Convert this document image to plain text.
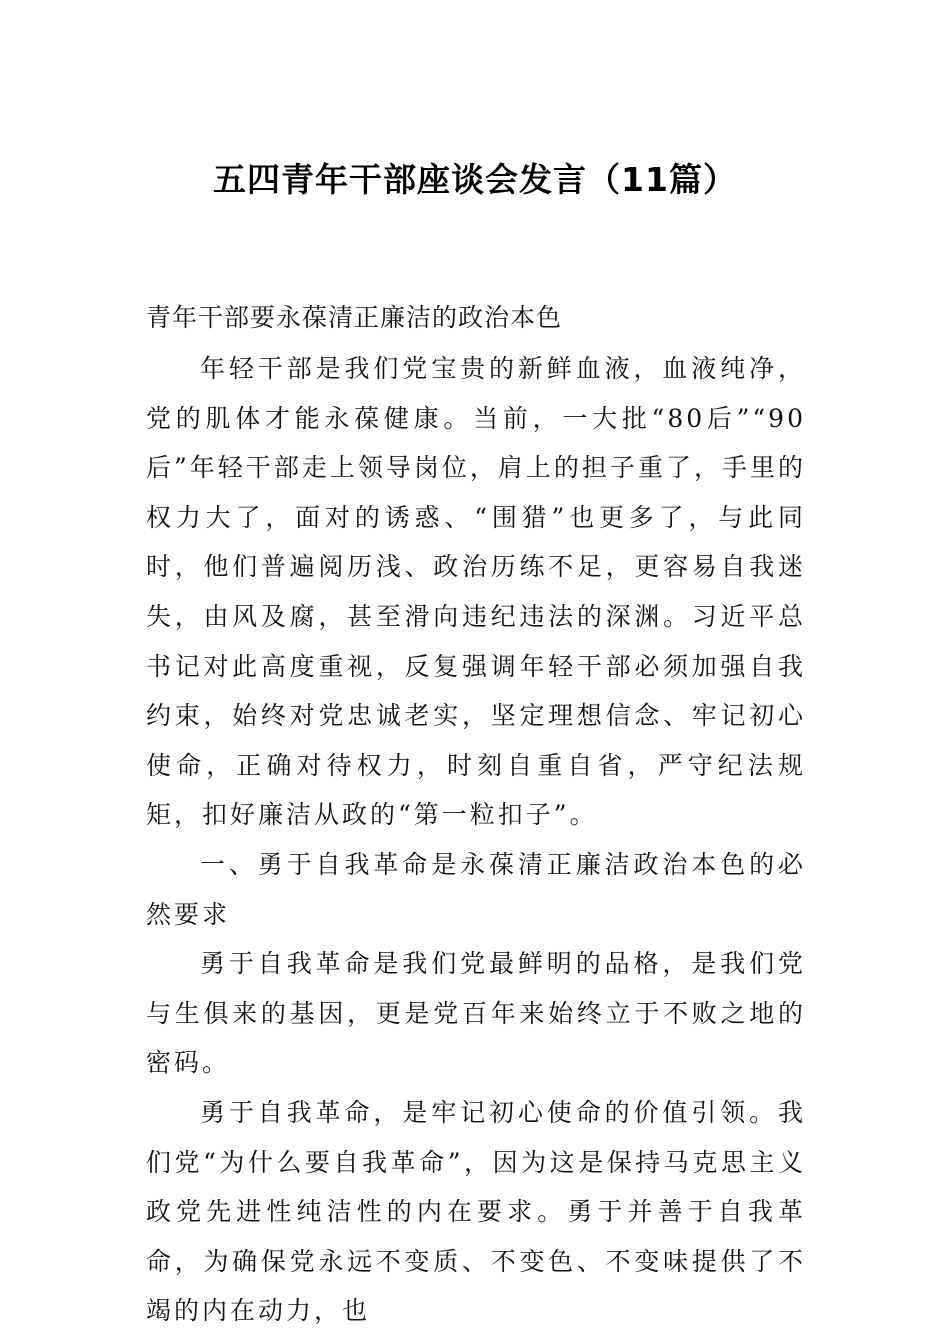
五四青年干部座谈会发言（11篇）
青年干部要永葆清正廉洁的政治本色

年轻干部是我们党宝贵的新鲜血液，血液纯净，党的肌体才能永葆健康。当前，一大批“80后”“90后”年轻干部走上领导岗位，肩上的担子重了，手里的权力大了，面对的诱惑、“围猎”也更多了，与此同时，他们普遍阅历浅、政治历练不足，更容易自我迷失，由风及腐，甚至滑向违纪违法的深渊。习近平总书记对此高度重视，反复强调年轻干部必须加强自我约束，始终对党忠诚老实，坚定理想信念、牢记初心使命，正确对待权力，时刻自重自省，严守纪法规矩，扣好廉洁从政的“第一粒扣子”。

一、勇于自我革命是永葆清正廉洁政治本色的必然要求

勇于自我革命是我们党最鲜明的品格，是我们党与生俱来的基因，更是党百年来始终立于不败之地的密码。

勇于自我革命，是牢记初心使命的价值引领。我们党“为什么要自我革命”，因为这是保持马克思主义政党先进性纯洁性的内在要求。勇于并善于自我革命，为确保党永远不变质、不变色、不变味提供了不竭的内在动力，也
